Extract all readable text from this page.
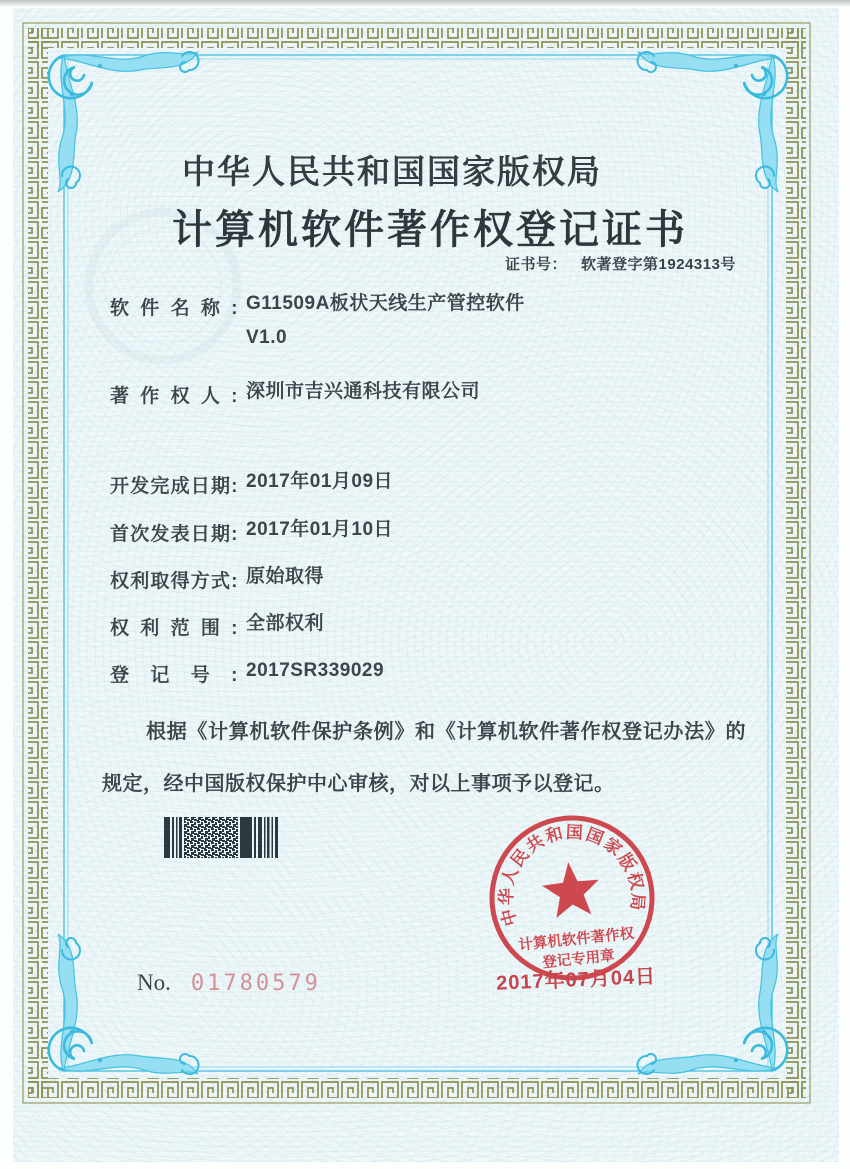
中华人民共和国国家版权局
计算机软件著作权登记证书
证书号： 软著登字第1924313号
软件名称: G11509A板状天线生产管控软件
V1.0
著作权人: 深圳市吉兴通科技有限公司
开发完成日期: 2017年01月09日
首次发表日期: 2017年01月10日
权利取得方式: 原始取得
权利范围: 全部权利
登记号: 2017SR339029
根据《计算机软件保护条例》和《计算机软件著作权登记办法》的规定，经中国版权保护中心审核，对以上事项予以登记。
中华人民共和国国家版权局
计算机软件著作权
登记专用章
2017年07月04日
No. 01780579
